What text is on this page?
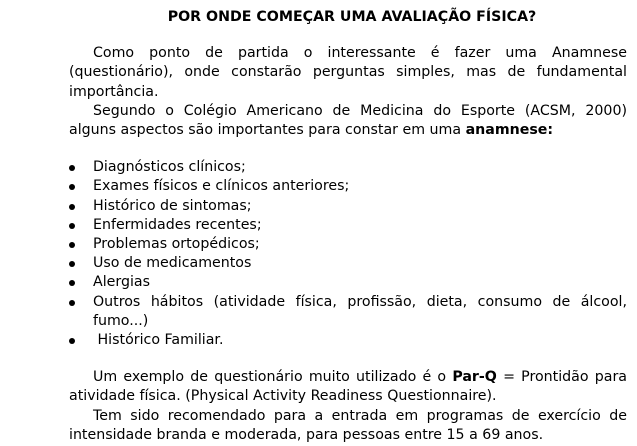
POR ONDE COMEÇAR UMA AVALIAÇÃO FÍSICA?

Como ponto de partida o interessante é fazer uma Anamnese (questionário), onde constarão perguntas simples, mas de fundamental importância.

Segundo o Colégio Americano de Medicina do Esporte (ACSM, 2000) alguns aspectos são importantes para constar em uma anamnese:

Diagnósticos clínicos;
Exames físicos e clínicos anteriores;
Histórico de sintomas;
Enfermidades recentes;
Problemas ortopédicos;
Uso de medicamentos
Alergias
Outros hábitos (atividade física, profissão, dieta, consumo de álcool, fumo...)
Histórico Familiar.

Um exemplo de questionário muito utilizado é o Par-Q = Prontidão para atividade física. (Physical Activity Readiness Questionnaire).

Tem sido recomendado para a entrada em programas de exercício de intensidade branda e moderada, para pessoas entre 15 a 69 anos.
